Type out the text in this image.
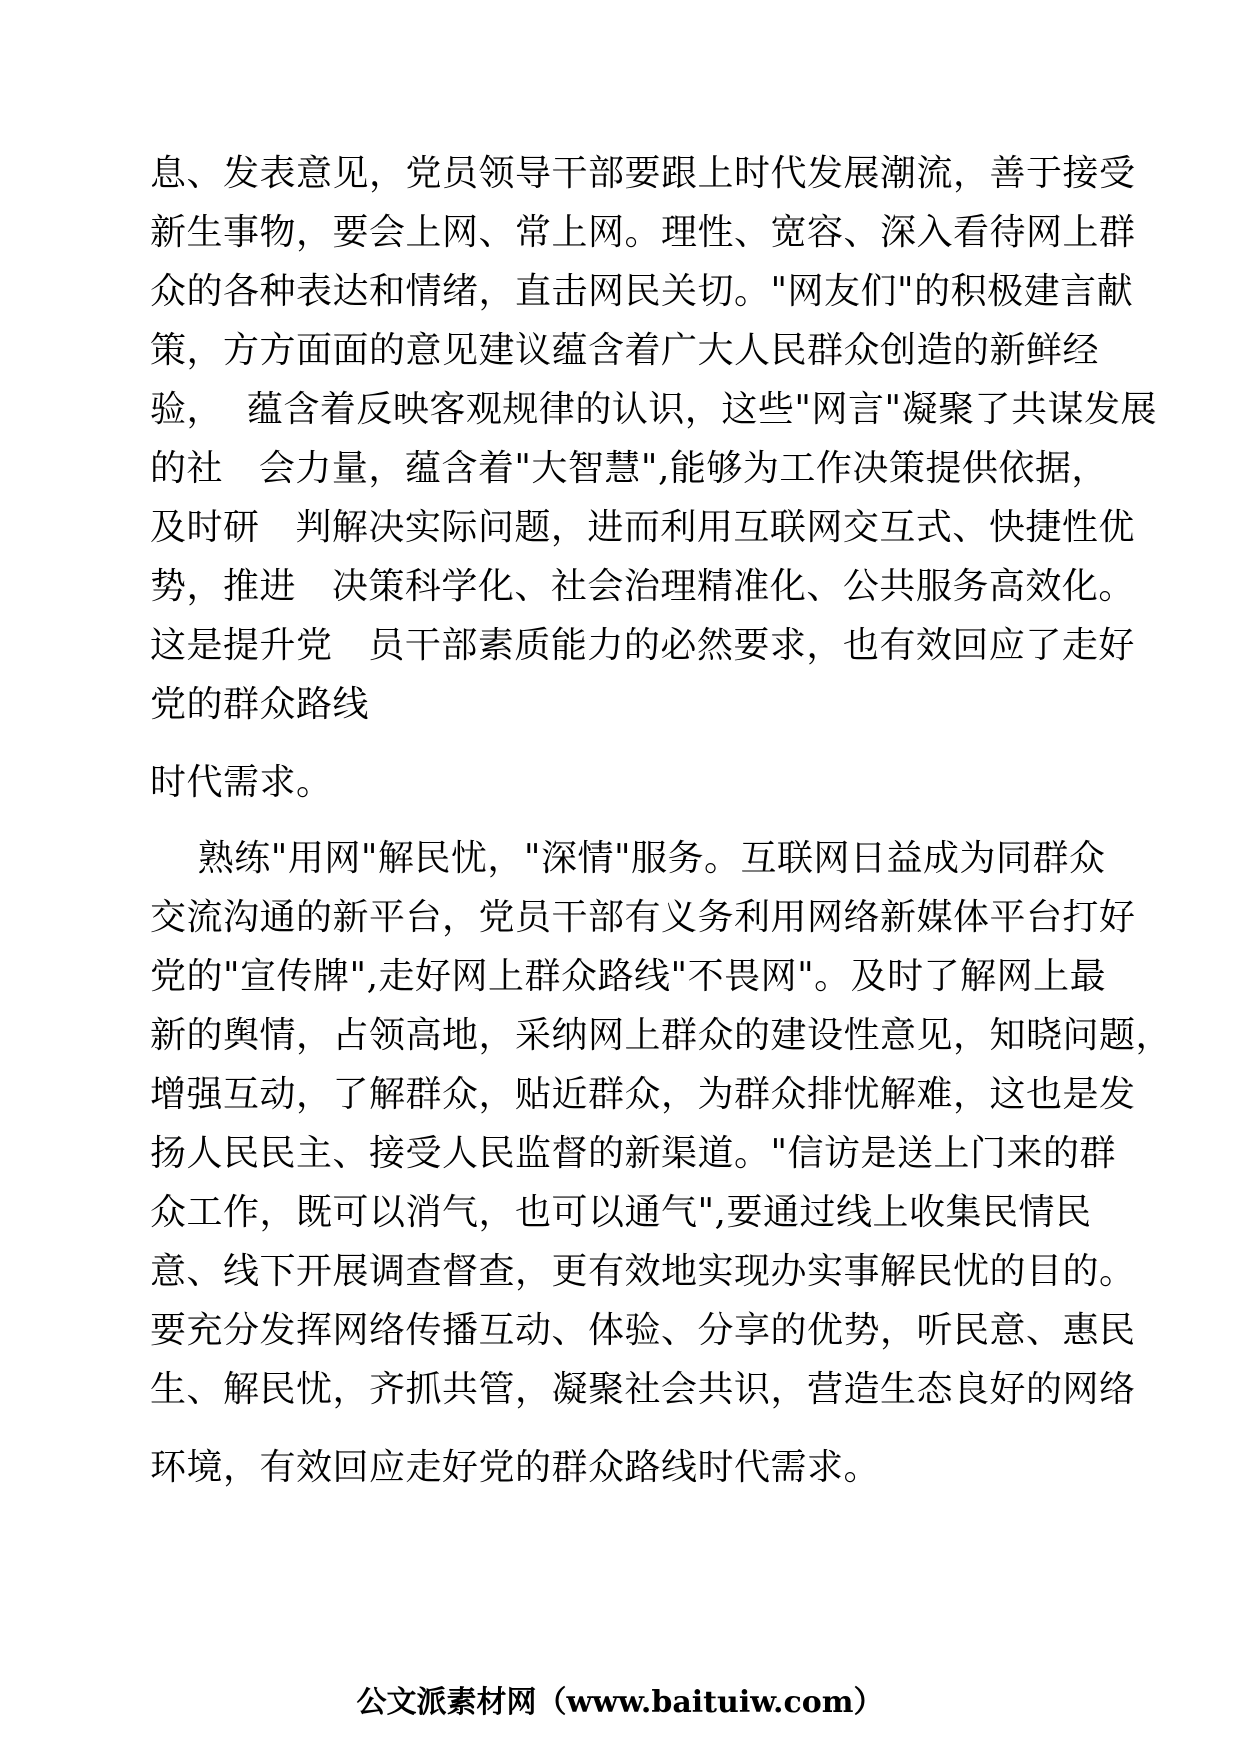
息、发表意见，党员领导干部要跟上时代发展潮流，善于接受
新生事物，要会上网、常上网。理性、宽容、深入看待网上群
众的各种表达和情绪，直击网民关切。"网友们"的积极建言献
策，方方面面的意见建议蕴含着广大人民群众创造的新鲜经
验，  蕴含着反映客观规律的认识，这些"网言"凝聚了共谋发展
的社   会力量，蕴含着"大智慧",能够为工作决策提供依据，
及时研   判解决实际问题，进而利用互联网交互式、快捷性优
势，推进   决策科学化、社会治理精准化、公共服务高效化。
这是提升党   员干部素质能力的必然要求，也有效回应了走好
党的群众路线
时代需求。
熟练"用网"解民忧，"深情"服务。互联网日益成为同群众
交流沟通的新平台，党员干部有义务利用网络新媒体平台打好
党的"宣传牌",走好网上群众路线"不畏网"。及时了解网上最
新的舆情，占领高地，采纳网上群众的建设性意见，知晓问题，
增强互动，了解群众，贴近群众，为群众排忧解难，这也是发
扬人民民主、接受人民监督的新渠道。"信访是送上门来的群
众工作，既可以消气，也可以通气",要通过线上收集民情民
意、线下开展调查督查，更有效地实现办实事解民忧的目的。
要充分发挥网络传播互动、体验、分享的优势，听民意、惠民
生、解民忧，齐抓共管，凝聚社会共识，营造生态良好的网络
环境，有效回应走好党的群众路线时代需求。
公文派素材网（www.baituiw.com）
